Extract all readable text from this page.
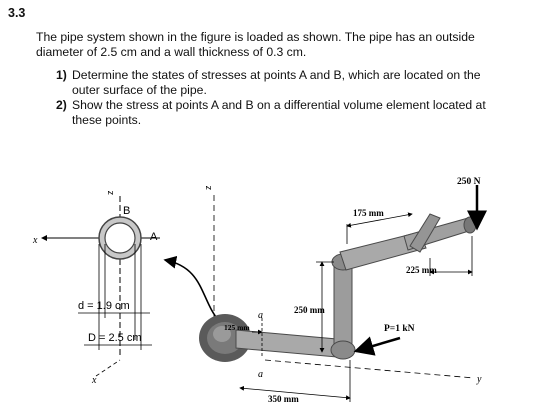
3.3
The pipe system shown in the figure is loaded as shown. The pipe has an outside diameter of 2.5 cm and a wall thickness of 0.3 cm.
1) Determine the states of stresses at points A and B, which are located on the outer surface of the pipe.
2) Show the stress at points A and B on a differential volume element located at these points.
z
x
B
A
d = 1.9 cm
D = 2.5 cm
x
z
y
250 N
P=1 kN
175 mm
225 mm
250 mm
125 mm
a
a
350 mm
